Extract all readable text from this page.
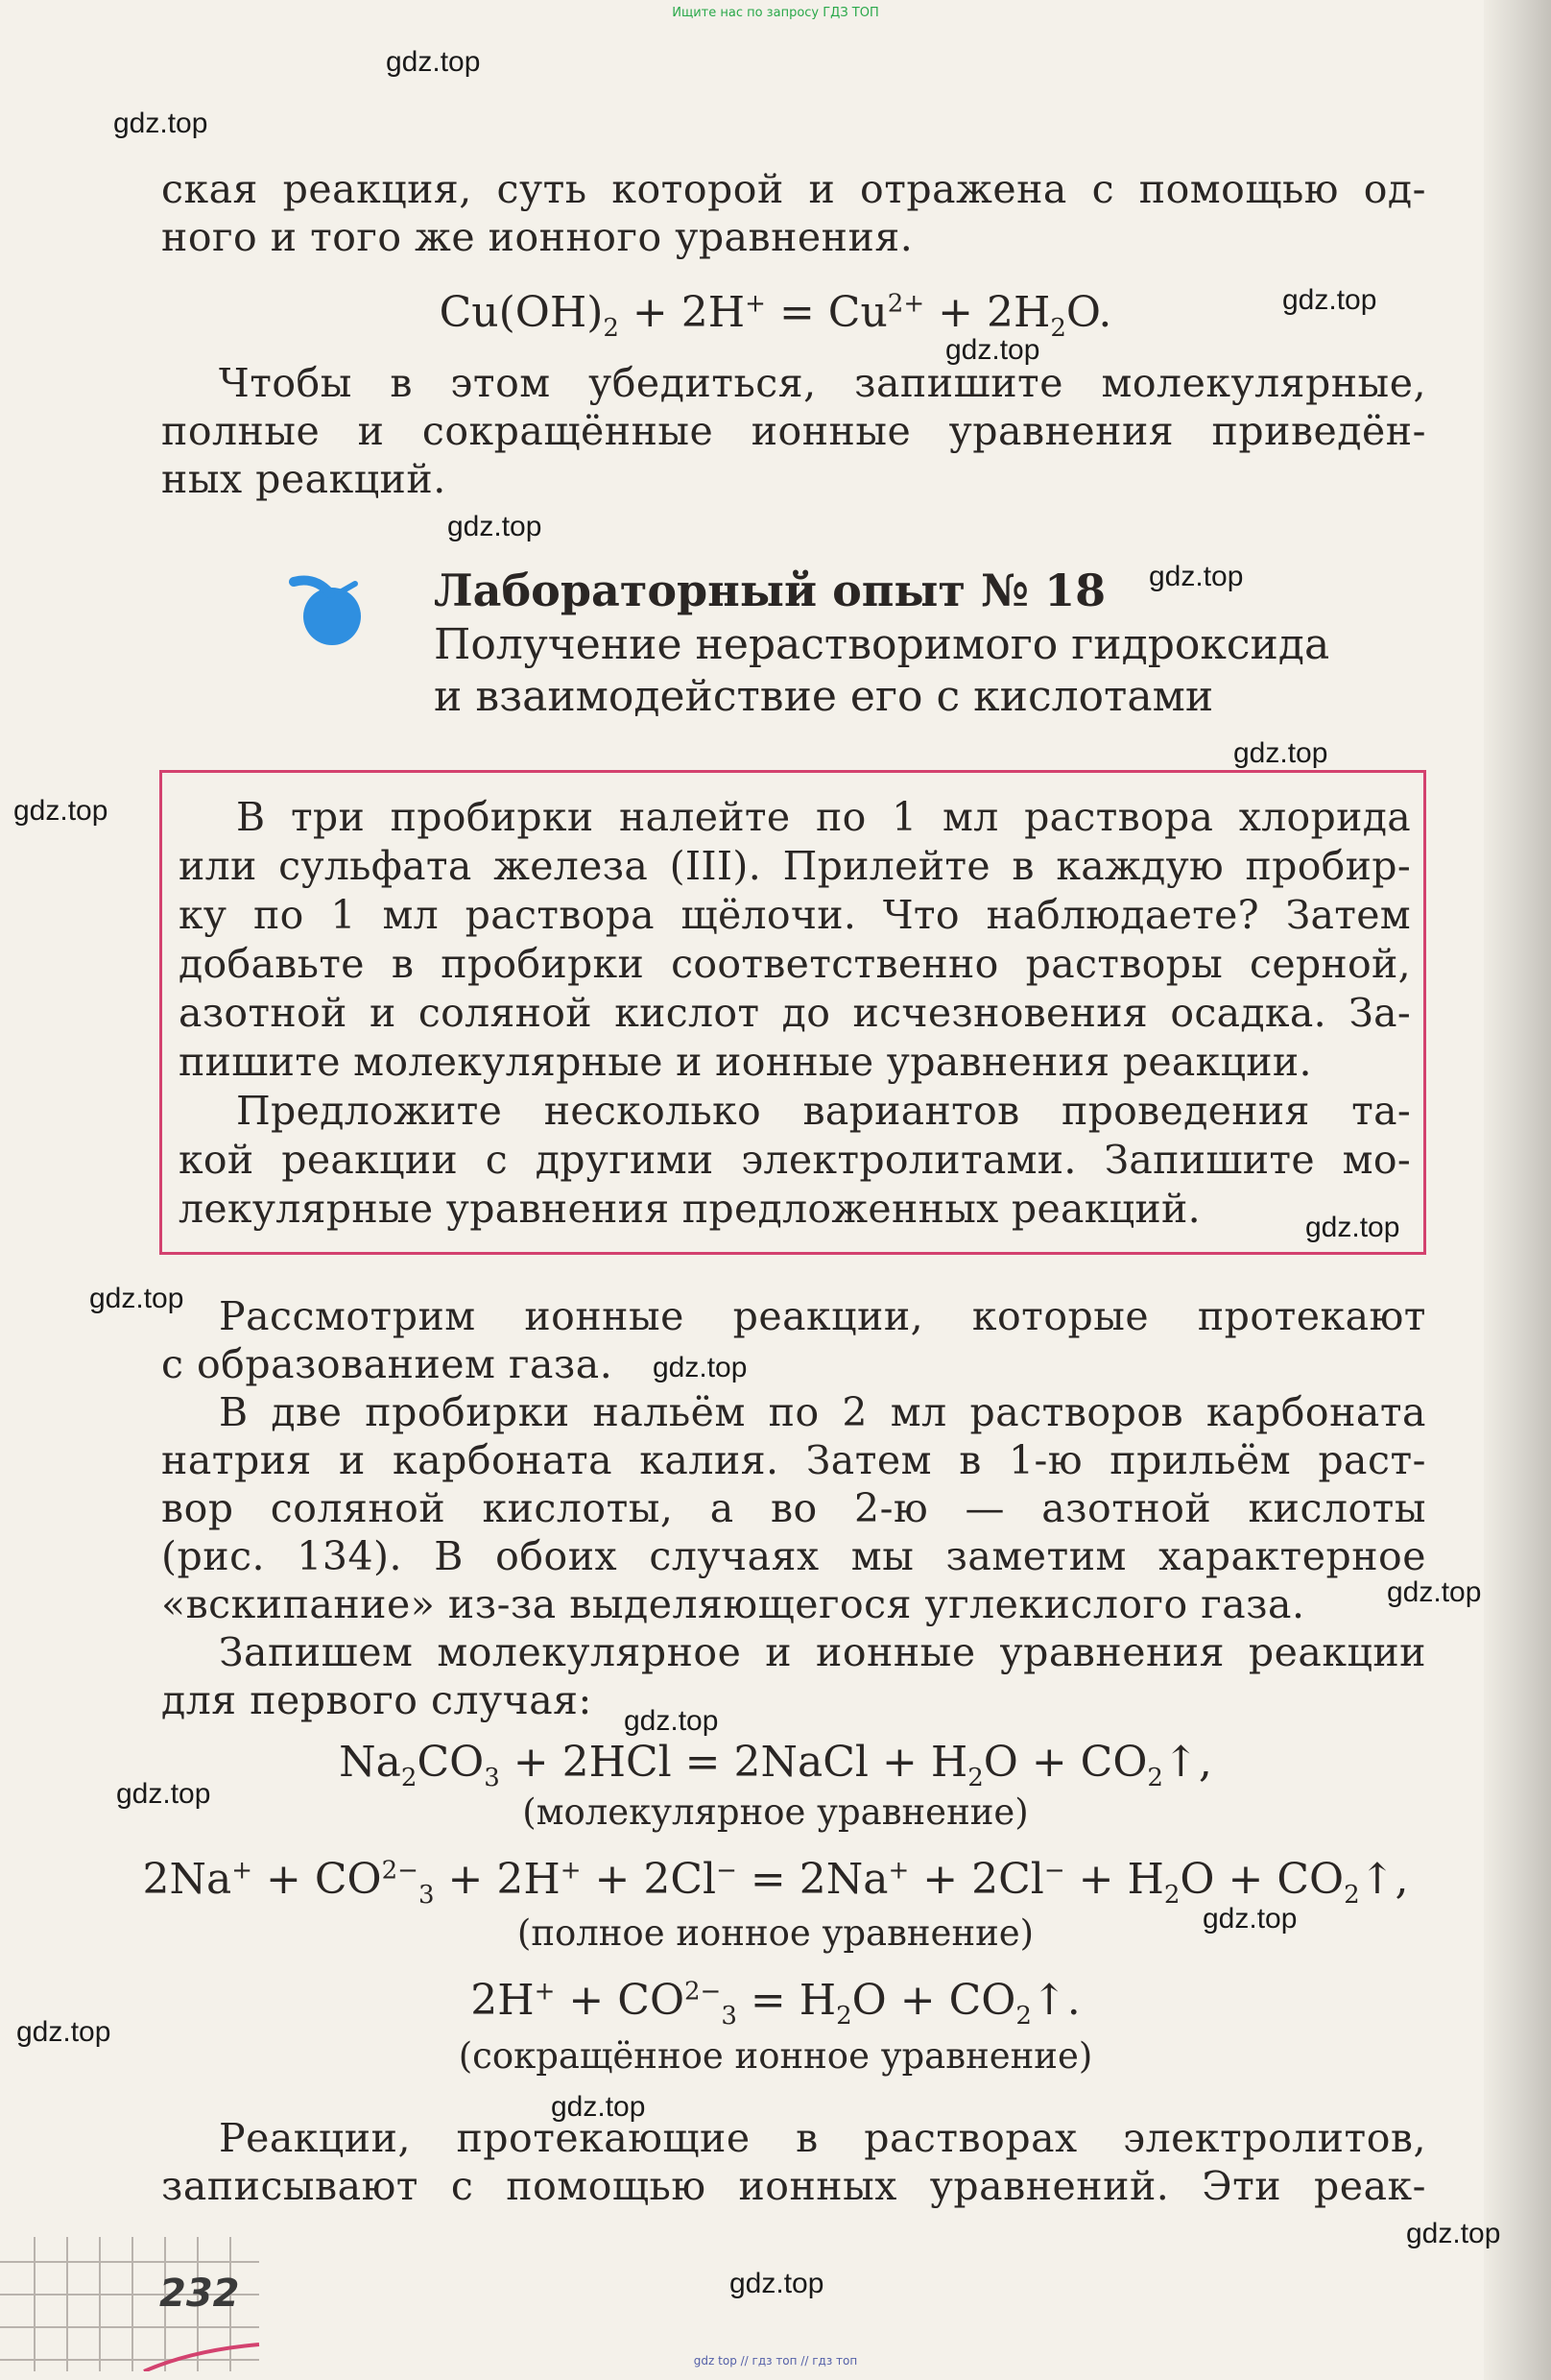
Ищите нас по запросу ГДЗ ТОП
gdz.top
gdz.top
gdz.top
gdz.top
gdz.top
gdz.top
gdz.top
gdz.top
gdz.top
gdz.top
gdz.top
gdz.top
gdz.top
gdz.top
gdz.top
gdz.top
gdz.top
gdz.top
gdz.top
ская реакция, суть которой и отражена с помощью од-
ного и того же ионного уравнения.
$Cu(OH)_2 + 2H^+ = Cu^{2+} + 2H_2O$.
Чтобы в этом убедиться, запишите молекулярные,
полные и сокращённые ионные уравнения приведён-
ных реакций.
Лабораторный опыт № 18
Получение нерастворимого гидроксида
и взаимодействие его с кислотами
В три пробирки налейте по 1 мл раствора хлорида
или сульфата железа (III). Прилейте в каждую пробир-
ку по 1 мл раствора щёлочи. Что наблюдаете? Затем
добавьте в пробирки соответственно растворы серной,
азотной и соляной кислот до исчезновения осадка. За-
пишите молекулярные и ионные уравнения реакции.
Предложите несколько вариантов проведения та-
кой реакции с другими электролитами. Запишите мо-
лекулярные уравнения предложенных реакций.
Рассмотрим ионные реакции, которые протекают
с образованием газа.
В две пробирки нальём по 2 мл растворов карбоната
натрия и карбоната калия. Затем в 1-ю прильём раст-
вор соляной кислоты, а во 2-ю — азотной кислоты
(рис. 134). В обоих случаях мы заметим характерное
«вскипание» из-за выделяющегося углекислого газа.
Запишем молекулярное и ионные уравнения реакции
для первого случая:
$Na_2CO_3 + 2HCl$ = 2NaCl + $H_2O$ + $CO_2↑$,
(молекулярное уравнение)
$2Na^+ + CO^{2-}_3 + 2H^+ + 2Cl^- = 2Na^+ + 2Cl^- + H_2O$ + $CO_2↑$,
(полное ионное уравнение)
$2H^+ + CO^{2-}_3 = H_2O$ + $CO_2↑$.
(сокращённое ионное уравнение)
Реакции, протекающие в растворах электролитов,
записывают с помощью ионных уравнений. Эти реак-
232
gdz top // гдз топ // гдз топ
